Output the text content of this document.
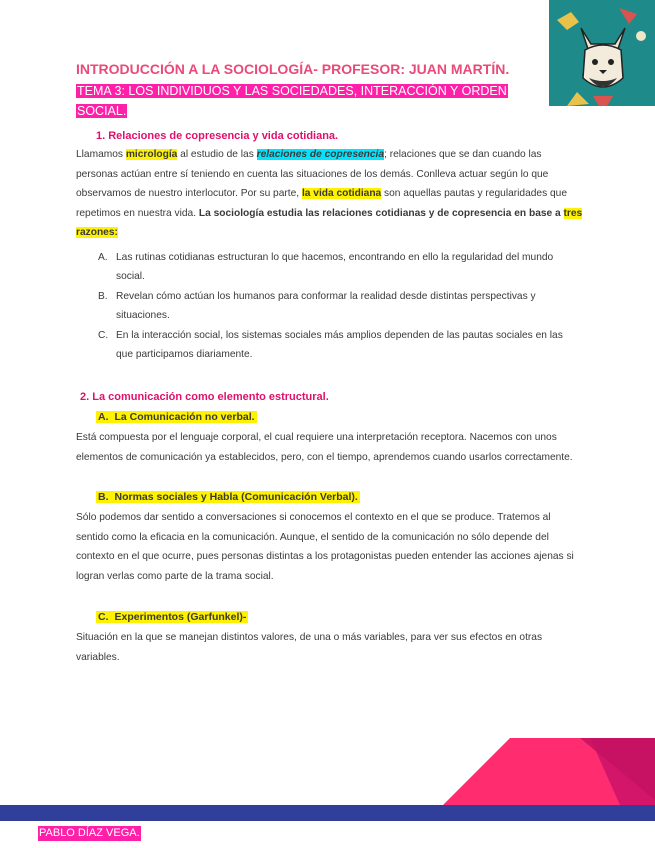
INTRODUCCIÓN A LA SOCIOLOGÍA- PROFESOR: JUAN MARTÍN.
TEMA 3: LOS INDIVIDUOS Y LAS SOCIEDADES, INTERACCIÓN Y ORDEN SOCIAL.
1. Relaciones de copresencia y vida cotidiana.
Llamamos micrología al estudio de las relaciones de copresencia; relaciones que se dan cuando las personas actúan entre sí teniendo en cuenta las situaciones de los demás. Conlleva actuar según lo que observamos de nuestro interlocutor. Por su parte, la vida cotidiana son aquellas pautas y regularidades que repetimos en nuestra vida. La sociología estudia las relaciones cotidianas y de copresencia en base a tres razones:
A. Las rutinas cotidianas estructuran lo que hacemos, encontrando en ello la regularidad del mundo social.
B. Revelan cómo actúan los humanos para conformar la realidad desde distintas perspectivas y situaciones.
C. En la interacción social, los sistemas sociales más amplios dependen de las pautas sociales en las que participamos diariamente.
2. La comunicación como elemento estructural.
A. La Comunicación no verbal.
Está compuesta por el lenguaje corporal, el cual requiere una interpretación receptora. Nacemos con unos elementos de comunicación ya establecidos, pero, con el tiempo, aprendemos cuando usarlos correctamente.
B. Normas sociales y Habla (Comunicación Verbal).
Sólo podemos dar sentido a conversaciones si conocemos el contexto en el que se produce. Tratemos al sentido como la eficacia en la comunicación. Aunque, el sentido de la comunicación no sólo depende del contexto en el que ocurre, pues personas distintas a los protagonistas pueden entender las acciones ajenas si logran verlas como parte de la trama social.
C. Experimentos (Garfunkel)-
Situación en la que se manejan distintos valores, de una o más variables, para ver sus efectos en otras variables.
PABLO DÍAZ VEGA.
